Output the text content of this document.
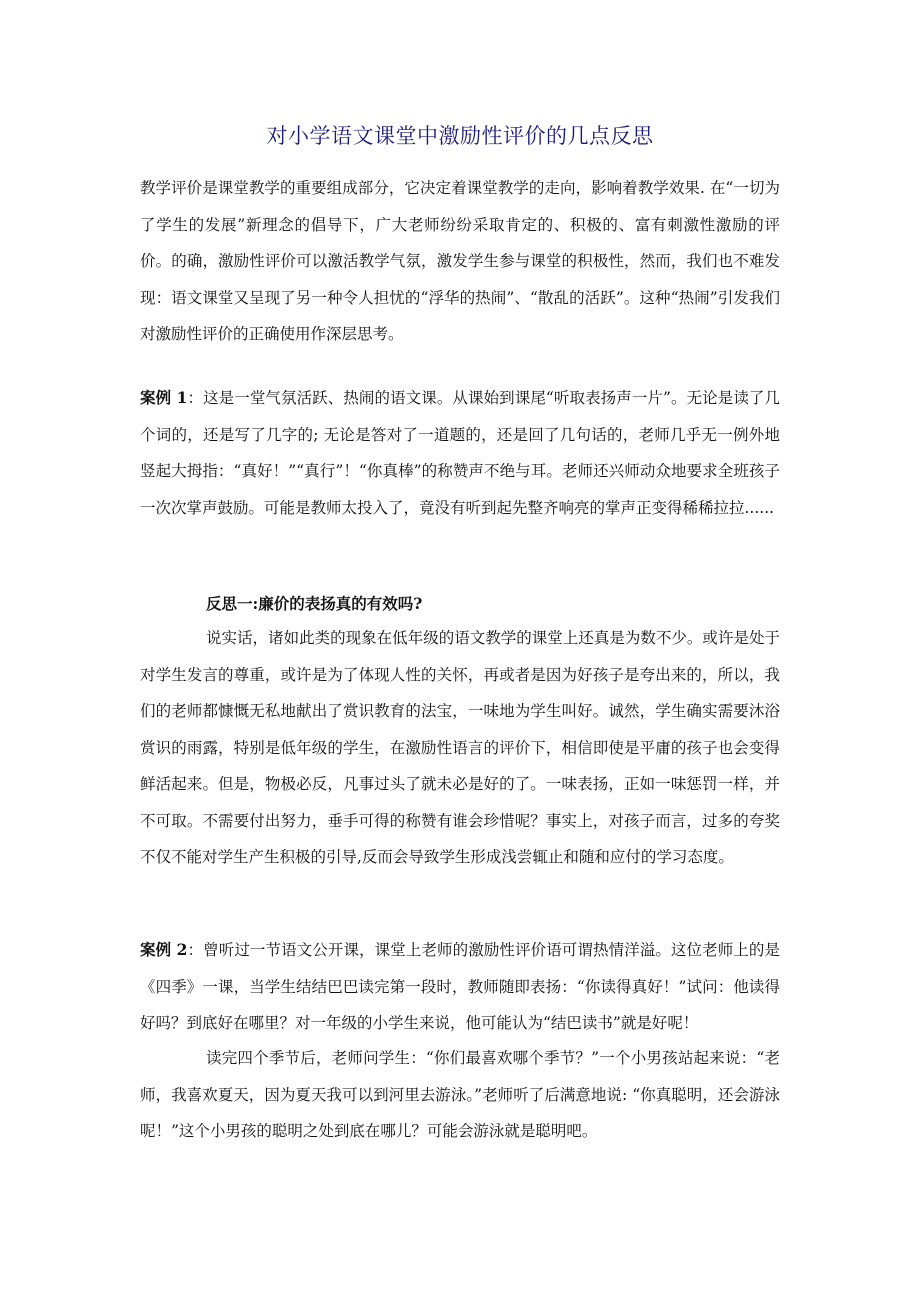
对小学语文课堂中激励性评价的几点反思

教学评价是课堂教学的重要组成部分，它决定着课堂教学的走向，影响着教学效果. 在“一切为了学生的发展”新理念的倡导下，广大老师纷纷采取肯定的、积极的、富有刺激性激励的评价。的确，激励性评价可以激活教学气氛，激发学生参与课堂的积极性，然而，我们也不难发现：语文课堂又呈现了另一种令人担忧的“浮华的热闹”、“散乱的活跃”。这种“热闹”引发我们对激励性评价的正确使用作深层思考。

案例 1：这是一堂气氛活跃、热闹的语文课。从课始到课尾“听取表扬声一片”。无论是读了几个词的，还是写了几字的; 无论是答对了一道题的，还是回了几句话的，老师几乎无一例外地竖起大拇指：“真好！”“真行”！“你真棒”的称赞声不绝与耳。老师还兴师动众地要求全班孩子一次次掌声鼓励。可能是教师太投入了，竟没有听到起先整齐响亮的掌声正变得稀稀拉拉......

反思一:廉价的表扬真的有效吗?

说实话，诸如此类的现象在低年级的语文教学的课堂上还真是为数不少。或许是处于对学生发言的尊重，或许是为了体现人性的关怀，再或者是因为好孩子是夸出来的，所以，我们的老师都慷慨无私地献出了赏识教育的法宝，一味地为学生叫好。诚然，学生确实需要沐浴赏识的雨露，特别是低年级的学生，在激励性语言的评价下，相信即使是平庸的孩子也会变得鲜活起来。但是，物极必反，凡事过头了就未必是好的了。一味表扬，正如一味惩罚一样，并不可取。不需要付出努力，垂手可得的称赞有谁会珍惜呢？事实上，对孩子而言，过多的夸奖不仅不能对学生产生积极的引导,反而会导致学生形成浅尝辄止和随和应付的学习态度。

案例 2：曾听过一节语文公开课，课堂上老师的激励性评价语可谓热情洋溢。这位老师上的是《四季》一课，当学生结结巴巴读完第一段时，教师随即表扬：“你读得真好！”试问：他读得好吗？到底好在哪里？对一年级的小学生来说，他可能认为“结巴读书”就是好呢！

读完四个季节后，老师问学生：“你们最喜欢哪个季节？”一个小男孩站起来说：“老师，我喜欢夏天，因为夏天我可以到河里去游泳。”老师听了后满意地说: “你真聪明，还会游泳呢！”这个小男孩的聪明之处到底在哪儿？可能会游泳就是聪明吧。
